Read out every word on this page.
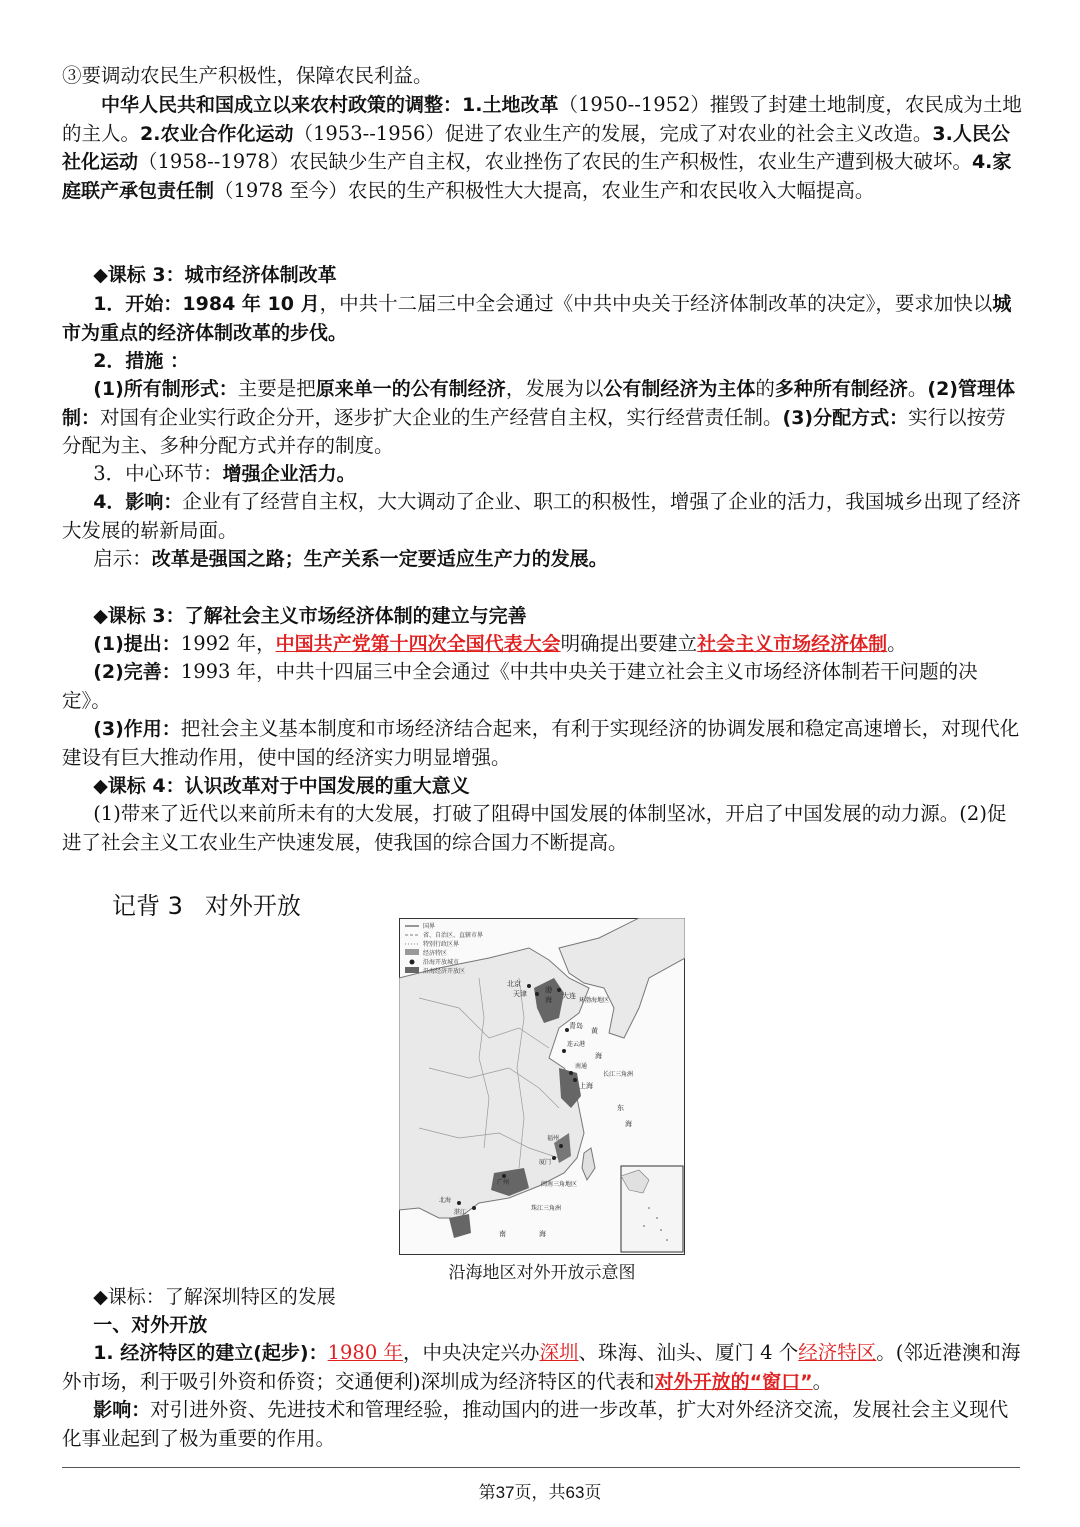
③要调动农民生产积极性，保障农民利益。

中华人民共和国成立以来农村政策的调整：1.土地改革（1950--1952）摧毁了封建土地制度，农民成为土地的主人。2.农业合作化运动（1953--1956）促进了农业生产的发展，完成了对农业的社会主义改造。3.人民公社化运动（1958--1978）农民缺少生产自主权，农业挫伤了农民的生产积极性，农业生产遭到极大破坏。4.家庭联产承包责任制（1978 至今）农民的生产积极性大大提高，农业生产和农民收入大幅提高。

◆课标 3：城市经济体制改革

1．开始：1984 年 10 月，中共十二届三中全会通过《中共中央关于经济体制改革的决定》，要求加快以城市为重点的经济体制改革的步伐。

2．措施 ：

(1)所有制形式：主要是把原来单一的公有制经济，发展为以公有制经济为主体的多种所有制经济。(2)管理体制：对国有企业实行政企分开，逐步扩大企业的生产经营自主权，实行经营责任制。(3)分配方式：实行以按劳分配为主、多种分配方式并存的制度。

3．中心环节：增强企业活力。

4．影响：企业有了经营自主权，大大调动了企业、职工的积极性，增强了企业的活力，我国城乡出现了经济大发展的崭新局面。

启示：改革是强国之路；生产关系一定要适应生产力的发展。

◆课标 3：了解社会主义市场经济体制的建立与完善

(1)提出：1992 年，中国共产党第十四次全国代表大会明确提出要建立社会主义市场经济体制。

(2)完善：1993 年，中共十四届三中全会通过《中共中央关于建立社会主义市场经济体制若干问题的决定》。

(3)作用：把社会主义基本制度和市场经济结合起来，有利于实现经济的协调发展和稳定高速增长，对现代化建设有巨大推动作用，使中国的经济实力明显增强。

◆课标 4：认识改革对于中国发展的重大意义

(1)带来了近代以来前所未有的大发展，打破了阻碍中国发展的体制坚冰，开启了中国发展的动力源。(2)促进了社会主义工农业生产快速发展，使我国的综合国力不断提高。

记背 3 对外开放
国界
省、自治区、直辖市界
特别行政区界
经济特区
沿海开放城市
沿海经济开放区
北京
天津	大连
渤
海	环渤海地区
青岛
黄
海
连云港
南通
上海
长江三角洲
东
海
福州
厦门
闽南三角地区
广州
珠江三角洲
湛江
北海
南	海
沿海地区对外开放示意图

◆课标：了解深圳特区的发展

一、对外开放

1. 经济特区的建立(起步)：1980 年，中央决定兴办深圳、珠海、汕头、厦门 4 个经济特区。(邻近港澳和海外市场，利于吸引外资和侨资；交通便利)深圳成为经济特区的代表和对外开放的“窗口”。

影响：对引进外资、先进技术和管理经验，推动国内的进一步改革，扩大对外经济交流，发展社会主义现代化事业起到了极为重要的作用。

第37页，共63页
